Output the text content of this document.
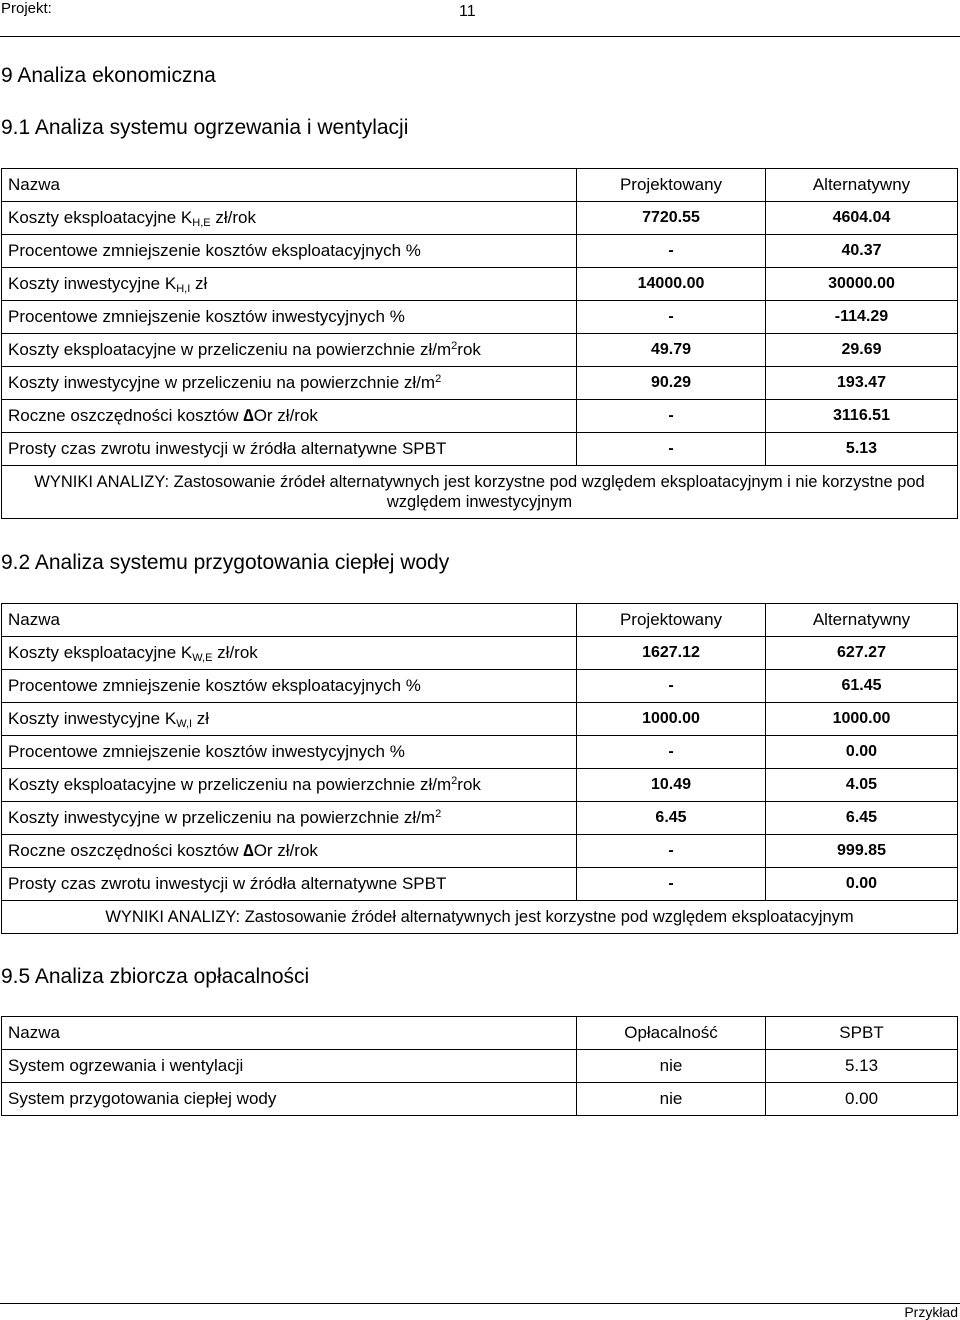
Projekt:	11
9 Analiza ekonomiczna
9.1 Analiza systemu ogrzewania i wentylacji
Nazwa	Projektowany	Alternatywny
Koszty eksploatacyjne $K_{H,E}$ zł/rok	7720.55	4604.04
Procentowe zmniejszenie kosztów eksploatacyjnych %	-	40.37
Koszty inwestycyjne $K_{H,I}$ zł	14000.00	30000.00
Procentowe zmniejszenie kosztów inwestycyjnych %	-	-114.29
Koszty eksploatacyjne w przeliczeniu na powierzchnie $zł/m^2rok$	49.79	29.69
Koszty inwestycyjne w przeliczeniu na powierzchnie $zł/m^2$	90.29	193.47
Roczne oszczędności kosztów ∆Or zł/rok	-	3116.51
Prosty czas zwrotu inwestycji w źródła alternatywne SPBT	-	5.13
WYNIKI ANALIZY: Zastosowanie źródeł alternatywnych jest korzystne pod względem eksploatacyjnym i nie korzystne pod względem inwestycyjnym		
9.2 Analiza systemu przygotowania ciepłej wody
Nazwa	Projektowany	Alternatywny
Koszty eksploatacyjne $K_{W,E}$ zł/rok	1627.12	627.27
Procentowe zmniejszenie kosztów eksploatacyjnych %	-	61.45
Koszty inwestycyjne $K_{W,I}$ zł	1000.00	1000.00
Procentowe zmniejszenie kosztów inwestycyjnych %	-	0.00
Koszty eksploatacyjne w przeliczeniu na powierzchnie $zł/m^2rok$	10.49	4.05
Koszty inwestycyjne w przeliczeniu na powierzchnie $zł/m^2$	6.45	6.45
Roczne oszczędności kosztów ∆Or zł/rok	-	999.85
Prosty czas zwrotu inwestycji w źródła alternatywne SPBT	-	0.00
WYNIKI ANALIZY: Zastosowanie źródeł alternatywnych jest korzystne pod względem eksploatacyjnym		
9.5 Analiza zbiorcza opłacalności
Nazwa	Opłacalność	SPBT
System ogrzewania i wentylacji	nie	5.13
System przygotowania ciepłej wody	nie	0.00
Przykład
